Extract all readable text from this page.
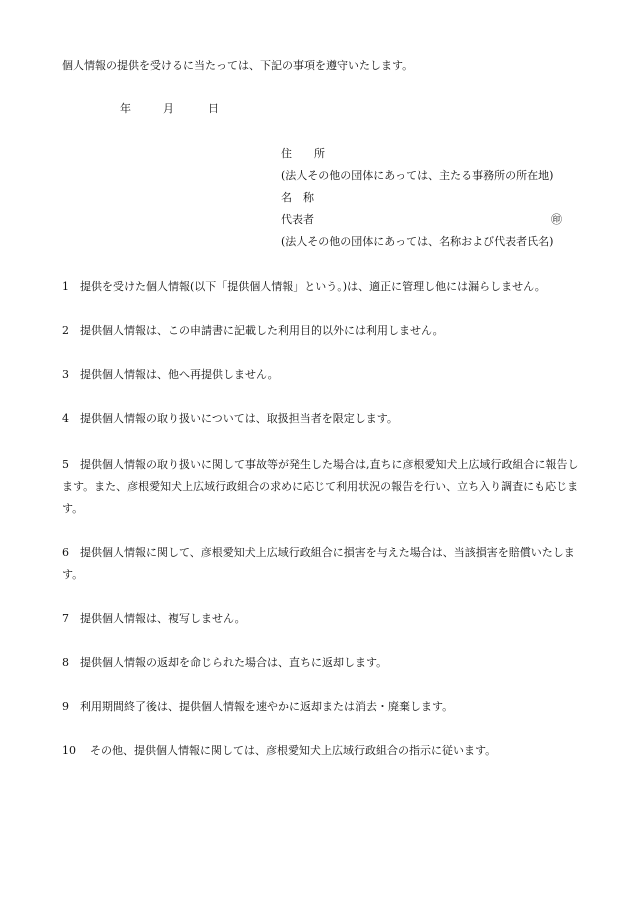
個人情報の提供を受けるに当たっては、下記の事項を遵守いたします。
年	月	日
住　　所
(法人その他の団体にあっては、主たる事務所の所在地)
名　称
代表者	㊞
(法人その他の団体にあっては、名称および代表者氏名)
1	提供を受けた個人情報(以下「提供個人情報」という。)は、適正に管理し他には漏らしません。
2	提供個人情報は、この申請書に記載した利用目的以外には利用しません。
3	提供個人情報は、他へ再提供しません。
4	提供個人情報の取り扱いについては、取扱担当者を限定します。
5	提供個人情報の取り扱いに関して事故等が発生した場合は,直ちに彦根愛知犬上広域行政組合に報告します。また、彦根愛知犬上広域行政組合の求めに応じて利用状況の報告を行い、立ち入り調査にも応じます。
6	提供個人情報に関して、彦根愛知犬上広域行政組合に損害を与えた場合は、当該損害を賠償いたします。
7	提供個人情報は、複写しません。
8	提供個人情報の返却を命じられた場合は、直ちに返却します。
9	利用期間終了後は、提供個人情報を速やかに返却または消去・廃棄します。
10	その他、提供個人情報に関しては、彦根愛知犬上広域行政組合の指示に従います。
